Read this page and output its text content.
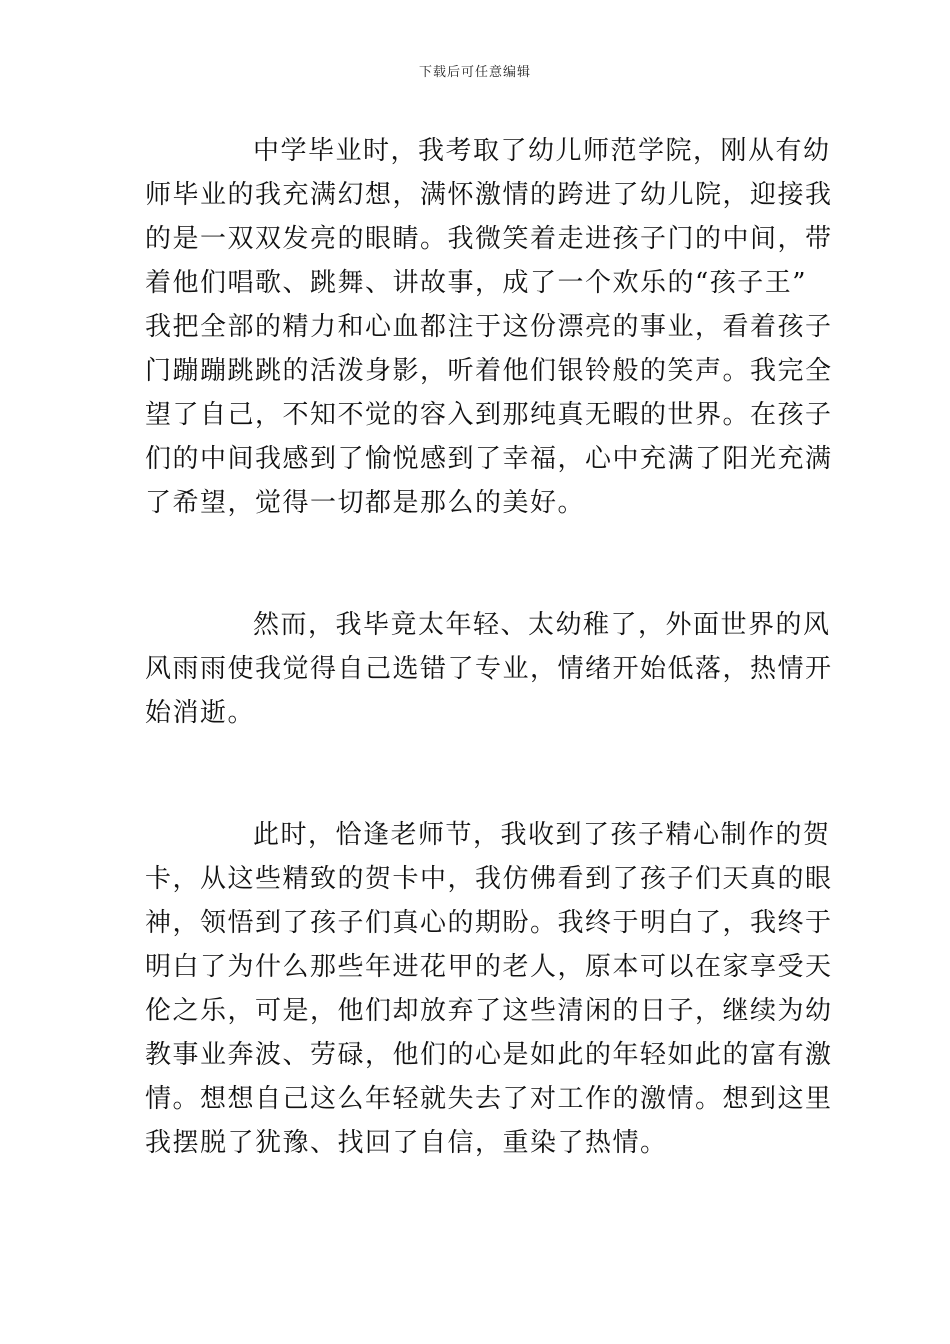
下载后可任意编辑

中学毕业时，我考取了幼儿师范学院，刚从有幼
师毕业的我充满幻想，满怀激情的跨进了幼儿院，迎接我
的是一双双发亮的眼睛。我微笑着走进孩子门的中间，带
着他们唱歌、跳舞、讲故事，成了一个欢乐的“孩子王”
我把全部的精力和心血都注于这份漂亮的事业，看着孩子
门蹦蹦跳跳的活泼身影，听着他们银铃般的笑声。我完全
望了自己，不知不觉的容入到那纯真无暇的世界。在孩子
们的中间我感到了愉悦感到了幸福，心中充满了阳光充满
了希望，觉得一切都是那么的美好。

然而，我毕竟太年轻、太幼稚了，外面世界的风
风雨雨使我觉得自己选错了专业，情绪开始低落，热情开
始消逝。

此时，恰逢老师节，我收到了孩子精心制作的贺
卡，从这些精致的贺卡中，我仿佛看到了孩子们天真的眼
神，领悟到了孩子们真心的期盼。我终于明白了，我终于
明白了为什么那些年进花甲的老人，原本可以在家享受天
伦之乐，可是，他们却放弃了这些清闲的日子，继续为幼
教事业奔波、劳碌，他们的心是如此的年轻如此的富有激
情。想想自己这么年轻就失去了对工作的激情。想到这里
我摆脱了犹豫、找回了自信，重染了热情。
